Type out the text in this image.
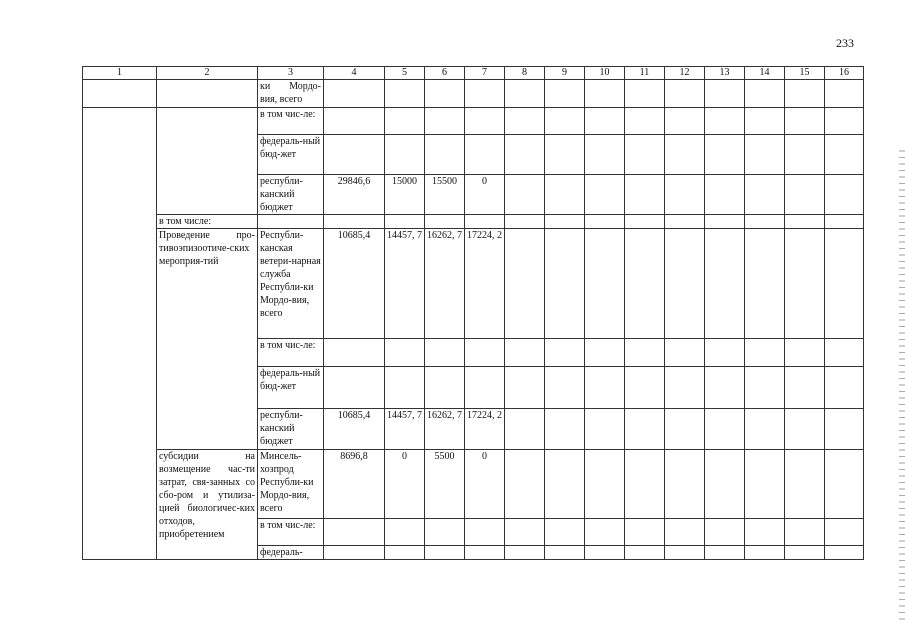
233
1	2	3	4	5	6	7	8	9	10	11	12	13	14	15	16
		ки Мордо-вия, всего													
		в том чис-ле:													
		федераль-ный бюд-жет													
		республи-канский бюджет	29846,6	15000	15500	0									
	в том числе:														
	Проведение про-тивоэпизоотиче-ских мероприя-тий	Республи-канская ветери-нарная служба Республи-ки Мордо-вия, всего	10685,4	14457, 7	16262, 7	17224, 2									
		в том чис-ле:													
		федераль-ный бюд-жет													
		республи-канский бюджет	10685,4	14457, 7	16262, 7	17224, 2									
	субсидии на возмещение час-ти затрат, свя-занных со сбо-ром и утилиза-цией биологичес-ких отходов, приобретением	Минсель-хозпрод Республи-ки Мордо-вия, всего	8696,8	0	5500	0									
		в том чис-ле:													
		федераль-													
